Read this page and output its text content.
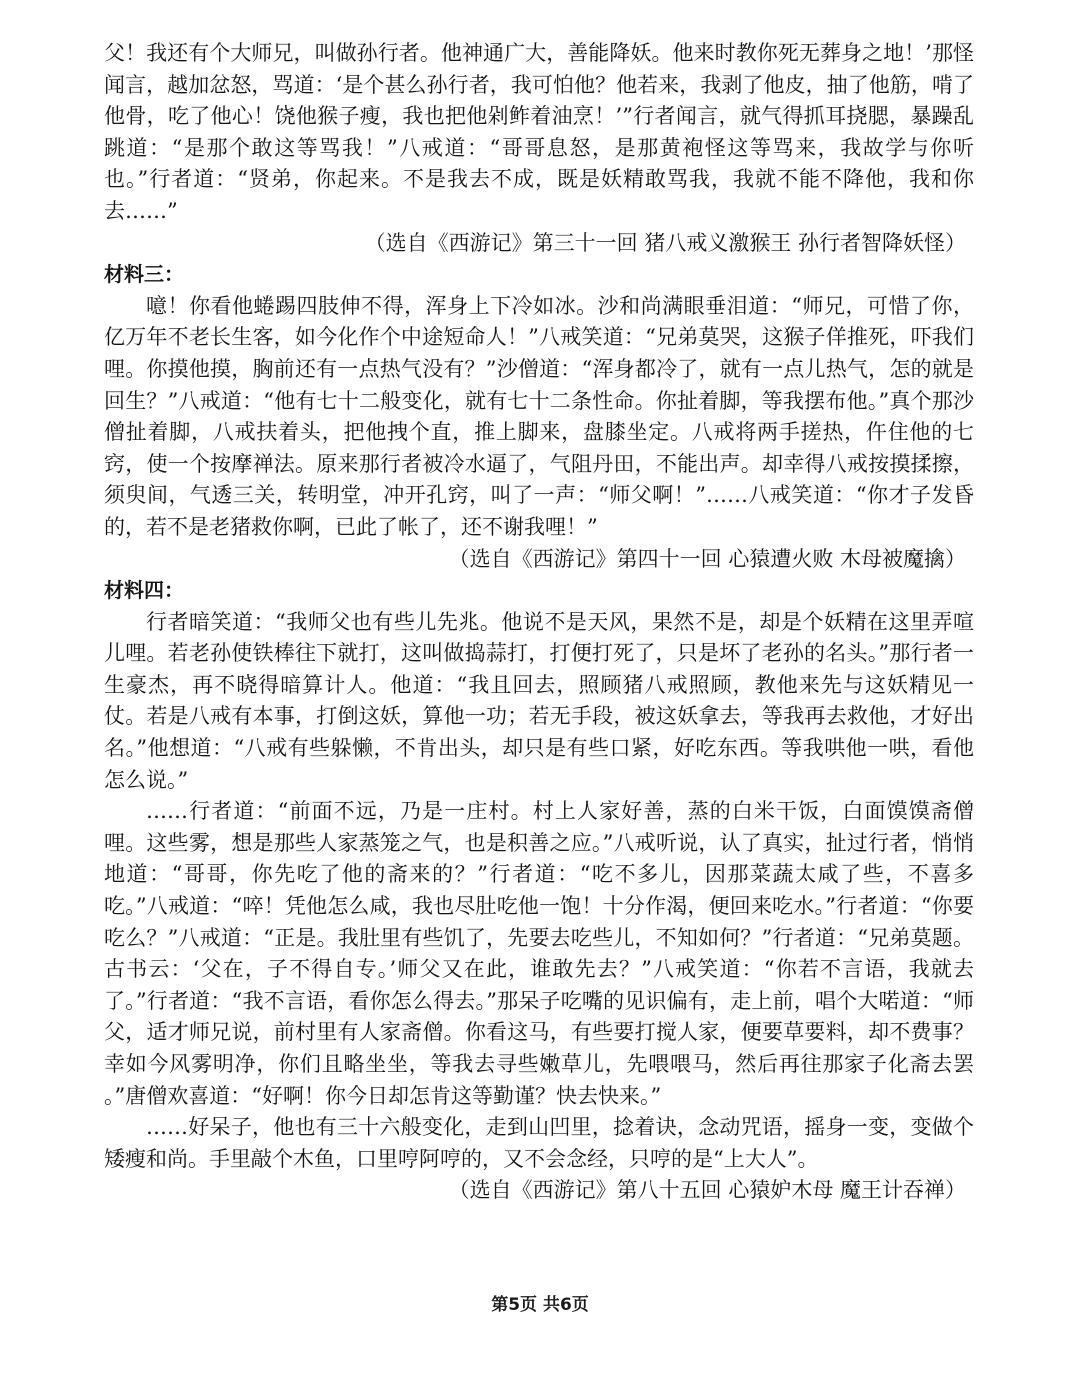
父！我还有个大师兄，叫做孙行者。他神通广大，善能降妖。他来时教你死无葬身之地！’那怪闻言，越加忿怒，骂道：‘是个甚么孙行者，我可怕他？他若来，我剥了他皮，抽了他筋，啃了他骨，吃了他心！饶他猴子瘦，我也把他剁鲊着油烹！’”行者闻言，就气得抓耳挠腮，暴躁乱跳道：“是那个敢这等骂我！”八戒道：“哥哥息怒，是那黄袍怪这等骂来，我故学与你听也。”行者道：“贤弟，你起来。不是我去不成，既是妖精敢骂我，我就不能不降他，我和你去……”

（选自《西游记》第三十一回 猪八戒义激猴王 孙行者智降妖怪）

材料三：

噫！你看他蜷踢四肢伸不得，浑身上下冷如冰。沙和尚满眼垂泪道：“师兄，可惜了你，亿万年不老长生客，如今化作个中途短命人！”八戒笑道：“兄弟莫哭，这猴子佯推死，吓我们哩。你摸他摸，胸前还有一点热气没有？”沙僧道：“浑身都冷了，就有一点儿热气，怎的就是回生？”八戒道：“他有七十二般变化，就有七十二条性命。你扯着脚，等我摆布他。”真个那沙僧扯着脚，八戒扶着头，把他拽个直，推上脚来，盘膝坐定。八戒将两手搓热，仵住他的七窍，使一个按摩禅法。原来那行者被冷水逼了，气阻丹田，不能出声。却幸得八戒按摸揉擦，须臾间，气透三关，转明堂，冲开孔窍，叫了一声：“师父啊！”……八戒笑道：“你才子发昏的，若不是老猪救你啊，已此了帐了，还不谢我哩！”

（选自《西游记》第四十一回 心猿遭火败 木母被魔擒）

材料四：

行者暗笑道：“我师父也有些儿先兆。他说不是天风，果然不是，却是个妖精在这里弄喧儿哩。若老孙使铁棒往下就打，这叫做捣蒜打，打便打死了，只是坏了老孙的名头。”那行者一生豪杰，再不晓得暗算计人。他道：“我且回去，照顾猪八戒照顾，教他来先与这妖精见一仗。若是八戒有本事，打倒这妖，算他一功；若无手段，被这妖拿去，等我再去救他，才好出名。”他想道：“八戒有些躲懒，不肯出头，却只是有些口紧，好吃东西。等我哄他一哄，看他怎么说。”

……行者道：“前面不远，乃是一庄村。村上人家好善，蒸的白米干饭，白面馍馍斋僧哩。这些雾，想是那些人家蒸笼之气，也是积善之应。”八戒听说，认了真实，扯过行者，悄悄地道：“哥哥，你先吃了他的斋来的？”行者道：“吃不多儿，因那菜蔬太咸了些，不喜多吃。”八戒道：“啐！凭他怎么咸，我也尽肚吃他一饱！十分作渴，便回来吃水。”行者道：“你要吃么？”八戒道：“正是。我肚里有些饥了，先要去吃些儿，不知如何？”行者道：“兄弟莫题。古书云：‘父在，子不得自专。’师父又在此，谁敢先去？”八戒笑道：“你若不言语，我就去了。”行者道：“我不言语，看你怎么得去。”那呆子吃嘴的见识偏有，走上前，唱个大喏道：“师父，适才师兄说，前村里有人家斋僧。你看这马，有些要打搅人家，便要草要料，却不费事？幸如今风雾明净，你们且略坐坐，等我去寻些嫩草儿，先喂喂马，然后再往那家子化斋去罢 。”唐僧欢喜道：“好啊！你今日却怎肯这等勤谨？快去快来。”

……好呆子，他也有三十六般变化，走到山凹里，捻着诀，念动咒语，摇身一变，变做个矮瘦和尚。手里敲个木鱼，口里哼阿哼的，又不会念经，只哼的是“上大人”。

（选自《西游记》第八十五回 心猿妒木母 魔王计吞禅）

第5页 共6页
